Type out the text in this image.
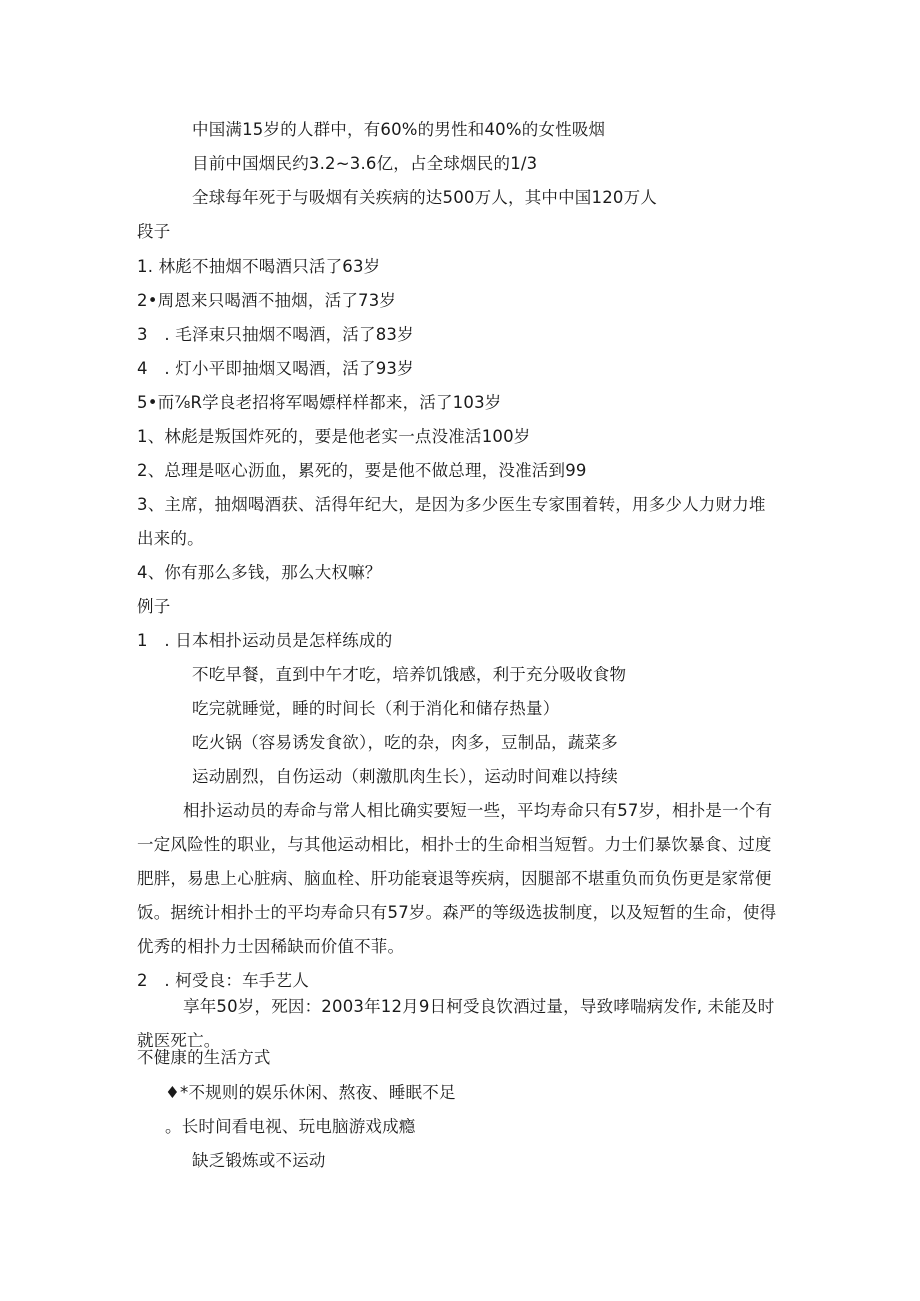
中国满15岁的人群中，有60%的男性和40%的女性吸烟
目前中国烟民约3.2~3.6亿，占全球烟民的1/3
全球每年死于与吸烟有关疾病的达500万人，其中中国120万人
段子
1. 林彪不抽烟不喝酒只活了63岁
2•周恩来只喝酒不抽烟，活了73岁
3　. 毛泽束只抽烟不喝酒，活了83岁
4　. 灯小平即抽烟又喝酒，活了93岁
5•而⅞R学良老招将军喝嫖样样都来，活了103岁
1、林彪是叛国炸死的，要是他老实一点没准活100岁
2、总理是呕心沥血，累死的，要是他不做总理，没准活到99
3、主席，抽烟喝酒获、活得年纪大，是因为多少医生专家围着转，用多少人力财力堆
出来的。
4、你有那么多钱，那么大权嘛？
例子
1　. 日本相扑运动员是怎样练成的
不吃早餐，直到中午才吃，培养饥饿感，利于充分吸收食物
吃完就睡觉，睡的时间长（利于消化和储存热量）
吃火锅（容易诱发食欲），吃的杂，肉多，豆制品，蔬菜多
运动剧烈，自伤运动（刺激肌肉生长），运动时间难以持续
相扑运动员的寿命与常人相比确实要短一些，平均寿命只有57岁，相扑是一个有一定风险性的职业，与其他运动相比，相扑士的生命相当短暂。力士们暴饮暴食、过度肥胖，易患上心脏病、脑血栓、肝功能衰退等疾病，因腿部不堪重负而负伤更是家常便饭。据统计相扑士的平均寿命只有57岁。森严的等级选拔制度，以及短暂的生命，使得优秀的相扑力士因稀缺而价值不菲。
2　. 柯受良：车手艺人
享年50岁，死因：2003年12月9日柯受良饮酒过量，导致哮喘病发作, 未能及时就医死亡。
不健康的生活方式
♦*不规则的娱乐休闲、熬夜、睡眠不足
。长时间看电视、玩电脑游戏成瘾
缺乏锻炼或不运动
